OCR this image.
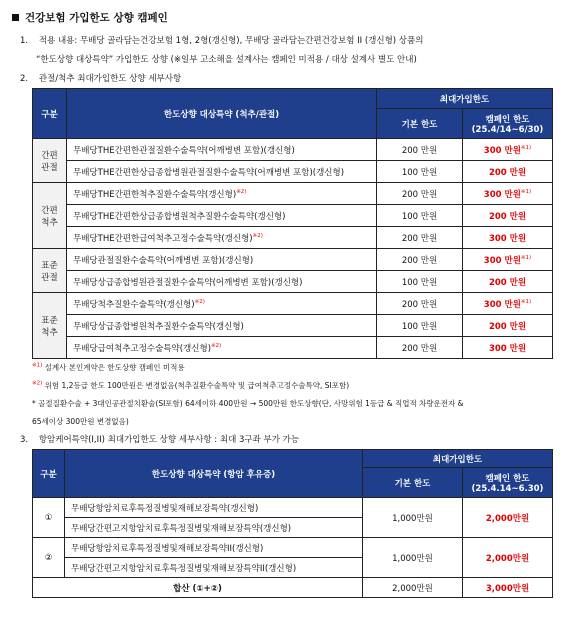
건강보험 가입한도 상향 캠페인
1. 적용 내용: 무배당 골라담는건강보험 1형, 2형(갱신형), 무배당 골라담는간편건강보험 II (갱신형) 상품의
“한도상향 대상특약” 가입한도 상향 (※일부 고소해을 설계사는 캠페인 미적용 / 대상 설계사 별도 안내)
2. 관절/척추 최대가입한도 상향 세부사항
구분	한도상향 대상특약 (척추/관절)	최대가입한도	
		기본 한도	캠페인 한도
(25.4/14~6/30)

간편
관절	무배당THE간편한관절질환수술특약(어깨병변 포함)(갱신형)	200 만원	300 만원$^{※1)}$
	무배당THE간편한상급종합병원관절질환수술특약(어깨병변 포함)(갱신형)	100 만원	200 만원

간편
척추	무배당THE간편한척추질환수술특약(갱신형)$^{※2)}$	200 만원	300 만원$^{※1)}$
	무배당THE간편한상급종합병원척추질환수술특약(갱신형)	100 만원	200 만원
	무배당THE간편한급여척추고정수술특약(갱신형)$^{※2)}$	200 만원	300 만원

표준
관절	무배당관절질환수술특약(어깨병변 포함)(갱신형)	200 만원	300 만원$^{※1)}$
	무배당상급종합병원관절질환수술특약(어깨병변 포함)(갱신형)	100 만원	200 만원

표준
척추	무배당척추질환수술특약(갱신형)$^{※2)}$	200 만원	300 만원$^{※1)}$
	무배당상급종합병원척추질환수술특약(갱신형)	100 만원	200 만원
	무배당급여척추고정수술특약(갱신형)$^{※2)}$	200 만원	300 만원
$^{※1)}$ 설계사 본인계약은 한도상향 캠페인 미적용
$^{※2)}$ 위험 1,2등급 한도 100만원은 변경없음(척추질환수술특약 및 급여척추고정수술특약, SI포함)
* 골절질환수술 + 3대인공관절치환술(SI포함) 64세이하 400만원 → 500만원 한도상향(단, 사망위험 1등급 & 직업적 차량운전자 &
65세이상 300만원 변경없음)
3. 항암케어특약(I,II) 최대가입한도 상향 세부사항 : 최대 3구좌 부가 가능
구분	한도상향 대상특약 (항암 후유증)	최대가입한도	
		기본 한도	캠페인 한도
(25.4.14~6.30)

①	무배당항암치료후특정질병및재해보장특약(갱신형)	1,000만원	2,000만원
	무배당간편고지항암치료후특정질병및재해보장특약(갱신형)		
②	무배당항암치료후특정질병및재해보장특약II(갱신형)	1,000만원	2,000만원
	무배당간편고지항암치료후특정질병및재해보장특약II(갱신형)		
합산 (①+②)		2,000만원	3,000만원
